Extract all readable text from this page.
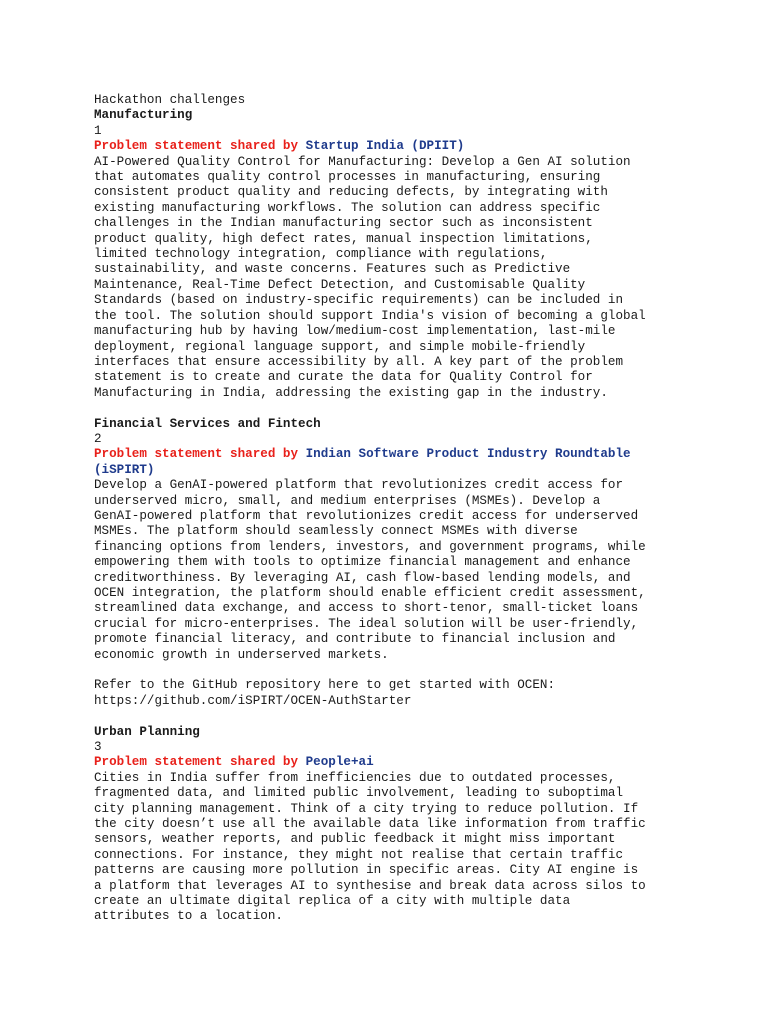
Hackathon challenges
Manufacturing
1
Problem statement shared by Startup India (DPIIT)
AI-Powered Quality Control for Manufacturing: Develop a Gen AI solution
that automates quality control processes in manufacturing, ensuring
consistent product quality and reducing defects, by integrating with
existing manufacturing workflows. The solution can address specific
challenges in the Indian manufacturing sector such as inconsistent
product quality, high defect rates, manual inspection limitations,
limited technology integration, compliance with regulations,
sustainability, and waste concerns. Features such as Predictive
Maintenance, Real-Time Defect Detection, and Customisable Quality
Standards (based on industry-specific requirements) can be included in
the tool. The solution should support India's vision of becoming a global
manufacturing hub by having low/medium-cost implementation, last-mile
deployment, regional language support, and simple mobile-friendly
interfaces that ensure accessibility by all. A key part of the problem
statement is to create and curate the data for Quality Control for
Manufacturing in India, addressing the existing gap in the industry.
Financial Services and Fintech
2
Problem statement shared by Indian Software Product Industry Roundtable
(iSPIRT)
Develop a GenAI-powered platform that revolutionizes credit access for
underserved micro, small, and medium enterprises (MSMEs). Develop a
GenAI-powered platform that revolutionizes credit access for underserved
MSMEs. The platform should seamlessly connect MSMEs with diverse
financing options from lenders, investors, and government programs, while
empowering them with tools to optimize financial management and enhance
creditworthiness. By leveraging AI, cash flow-based lending models, and
OCEN integration, the platform should enable efficient credit assessment,
streamlined data exchange, and access to short-tenor, small-ticket loans
crucial for micro-enterprises. The ideal solution will be user-friendly,
promote financial literacy, and contribute to financial inclusion and
economic growth in underserved markets.
Refer to the GitHub repository here to get started with OCEN:
https://github.com/iSPIRT/OCEN-AuthStarter
Urban Planning
3
Problem statement shared by People+ai
Cities in India suffer from inefficiencies due to outdated processes,
fragmented data, and limited public involvement, leading to suboptimal
city planning management. Think of a city trying to reduce pollution. If
the city doesn’t use all the available data like information from traffic
sensors, weather reports, and public feedback it might miss important
connections. For instance, they might not realise that certain traffic
patterns are causing more pollution in specific areas. City AI engine is
a platform that leverages AI to synthesise and break data across silos to
create an ultimate digital replica of a city with multiple data
attributes to a location.
